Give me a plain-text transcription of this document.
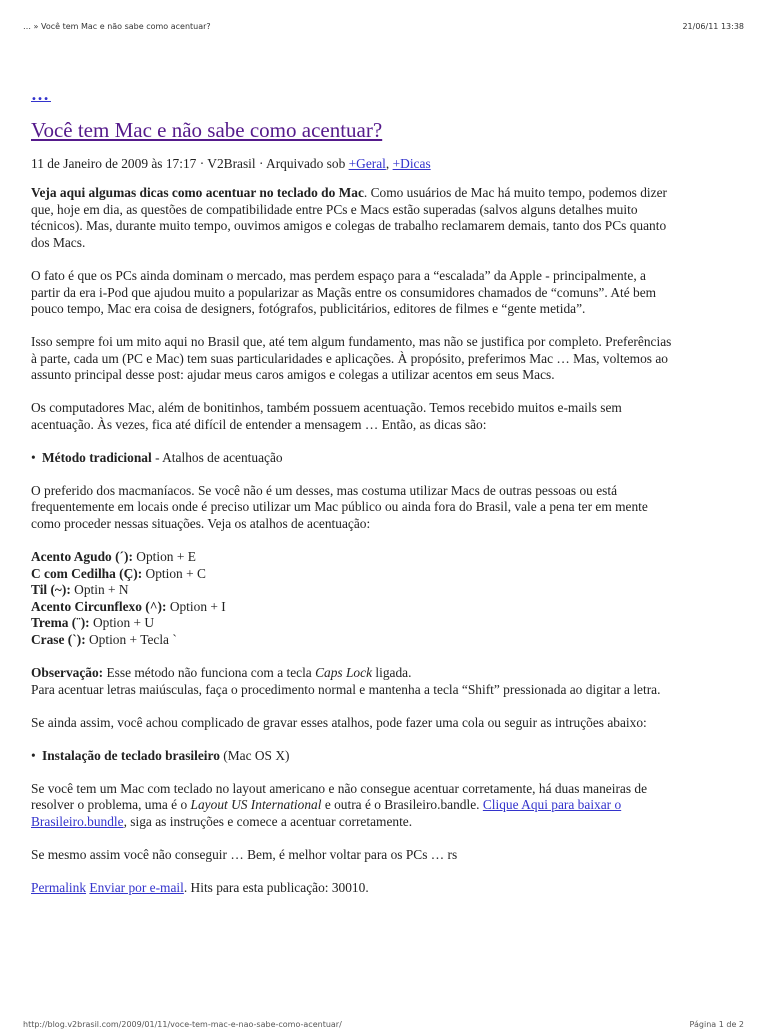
… » Você tem Mac e não sabe como acentuar?	21/06/11 13:38
…
Você tem Mac e não sabe como acentuar?
11 de Janeiro de 2009 às 17:17 · V2Brasil · Arquivado sob +Geral, +Dicas

Veja aqui algumas dicas como acentuar no teclado do Mac. Como usuários de Mac há muito tempo, podemos dizer que, hoje em dia, as questões de compatibilidade entre PCs e Macs estão superadas (salvos alguns detalhes muito técnicos). Mas, durante muito tempo, ouvimos amigos e colegas de trabalho reclamarem demais, tanto dos PCs quanto dos Macs.

O fato é que os PCs ainda dominam o mercado, mas perdem espaço para a “escalada” da Apple - principalmente, a partir da era i-Pod que ajudou muito a popularizar as Maçãs entre os consumidores chamados de “comuns”. Até bem pouco tempo, Mac era coisa de designers, fotógrafos, publicitários, editores de filmes e “gente metida”.

Isso sempre foi um mito aqui no Brasil que, até tem algum fundamento, mas não se justifica por completo. Preferências à parte, cada um (PC e Mac) tem suas particularidades e aplicações. À propósito, preferimos Mac … Mas, voltemos ao assunto principal desse post: ajudar meus caros amigos e colegas a utilizar acentos em seus Macs.

Os computadores Mac, além de bonitinhos, também possuem acentuação. Temos recebido muitos e-mails sem acentuação. Às vezes, fica até difícil de entender a mensagem … Então, as dicas são:

• Método tradicional - Atalhos de acentuação

O preferido dos macmaníacos. Se você não é um desses, mas costuma utilizar Macs de outras pessoas ou está frequentemente em locais onde é preciso utilizar um Mac público ou ainda fora do Brasil, vale a pena ter em mente como proceder nessas situações. Veja os atalhos de acentuação:

Acento Agudo (´): Option + E
C com Cedilha (Ç): Option + C
Til (~): Optin + N
Acento Circunflexo (^): Option + I
Trema (¨): Option + U
Crase (`): Option + Tecla `

Observação: Esse método não funciona com a tecla Caps Lock ligada.
Para acentuar letras maiúsculas, faça o procedimento normal e mantenha a tecla “Shift” pressionada ao digitar a letra.

Se ainda assim, você achou complicado de gravar esses atalhos, pode fazer uma cola ou seguir as intruções abaixo:

• Instalação de teclado brasileiro (Mac OS X)

Se você tem um Mac com teclado no layout americano e não consegue acentuar corretamente, há duas maneiras de resolver o problema, uma é o Layout US International e outra é o Brasileiro.bandle. Clique Aqui para baixar o Brasileiro.bundle, siga as instruções e comece a acentuar corretamente.

Se mesmo assim você não conseguir … Bem, é melhor voltar para os PCs … rs

Permalink Enviar por e-mail. Hits para esta publicação: 30010.
http://blog.v2brasil.com/2009/01/11/voce-tem-mac-e-nao-sabe-como-acentuar/	Página 1 de 2
